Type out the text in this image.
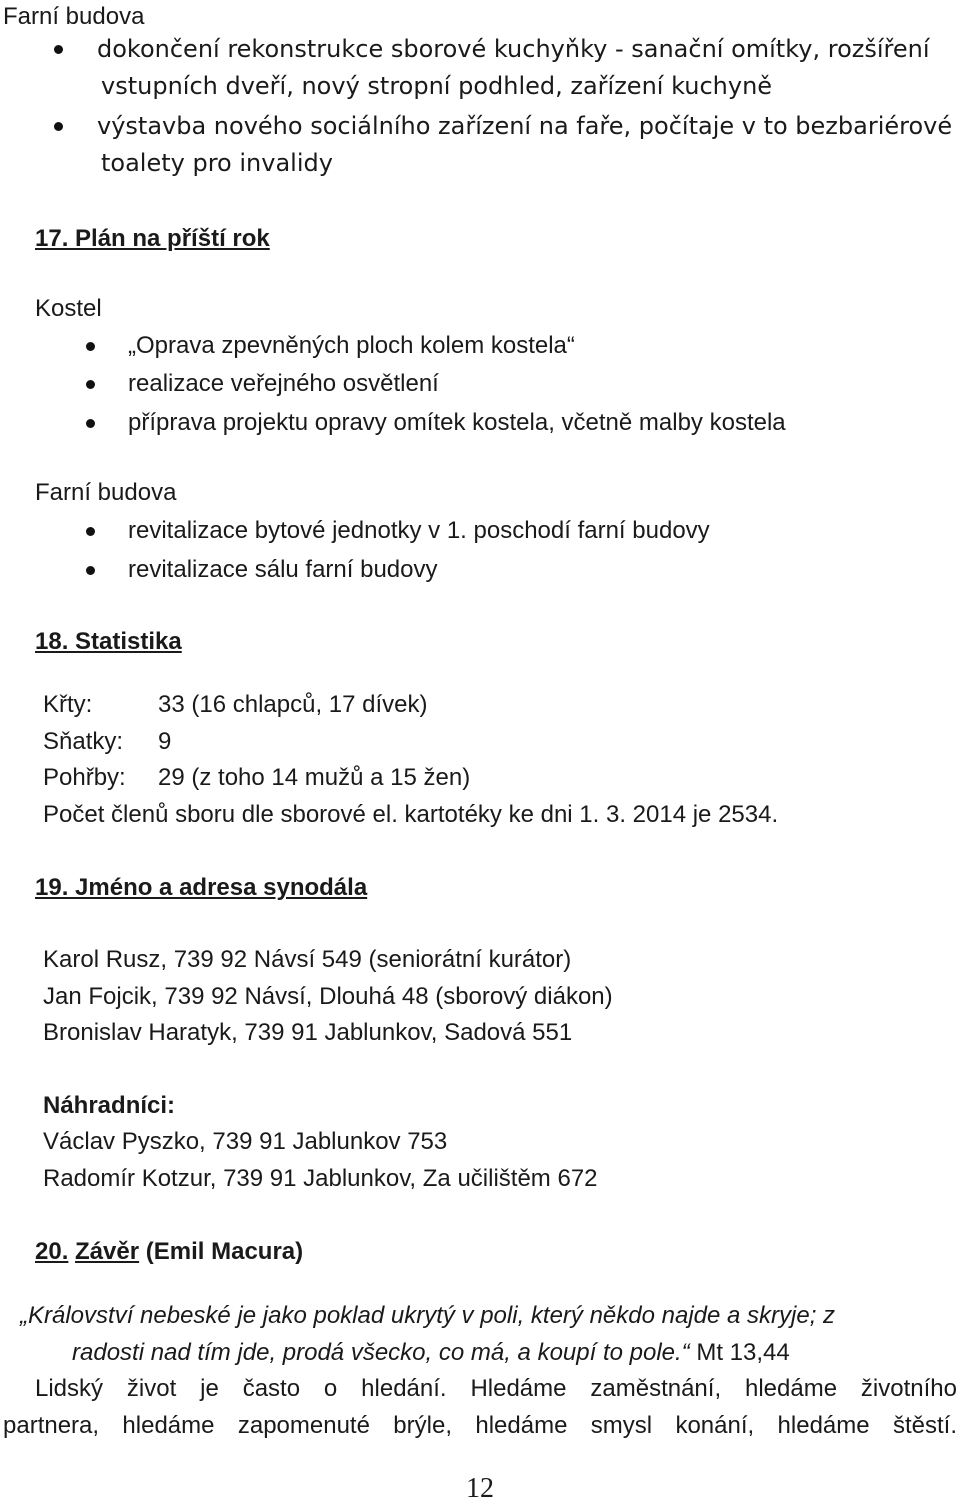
Farní budova
dokončení rekonstrukce sborové kuchyňky - sanační omítky, rozšíření
vstupních dveří, nový stropní podhled, zařízení kuchyně
výstavba nového sociálního zařízení na faře, počítaje v to bezbariérové
toalety pro invalidy
17. Plán na příští rok
Kostel
„Oprava zpevněných ploch kolem kostela“
realizace veřejného osvětlení
příprava projektu opravy omítek kostela, včetně malby kostela
Farní budova
revitalizace bytové jednotky v 1. poschodí farní budovy
revitalizace sálu farní budovy
18. Statistika
Křty:	33 (16 chlapců, 17 dívek)
Sňatky: 9
Pohřby: 29 (z toho 14 mužů a 15 žen)
Počet členů sboru dle sborové el. kartotéky ke dni 1. 3. 2014 je 2534.
19. Jméno a adresa synodála
Karol Rusz, 739 92 Návsí 549 (seniorátní kurátor)
Jan Fojcik, 739 92 Návsí, Dlouhá 48 (sborový diákon)
Bronislav Haratyk, 739 91 Jablunkov, Sadová 551
Náhradníci:
Václav Pyszko, 739 91 Jablunkov 753
Radomír Kotzur, 739 91 Jablunkov, Za učilištěm 672
20. Závěr (Emil Macura)
„Království nebeské je jako poklad ukrytý v poli, který někdo najde a skryje; z
radosti nad tím jde, prodá všecko, co má, a koupí to pole.“ Mt 13,44
Lidský život je často o hledání. Hledáme zaměstnání, hledáme životního
partnera, hledáme zapomenuté brýle, hledáme smysl konání, hledáme štěstí.
12
